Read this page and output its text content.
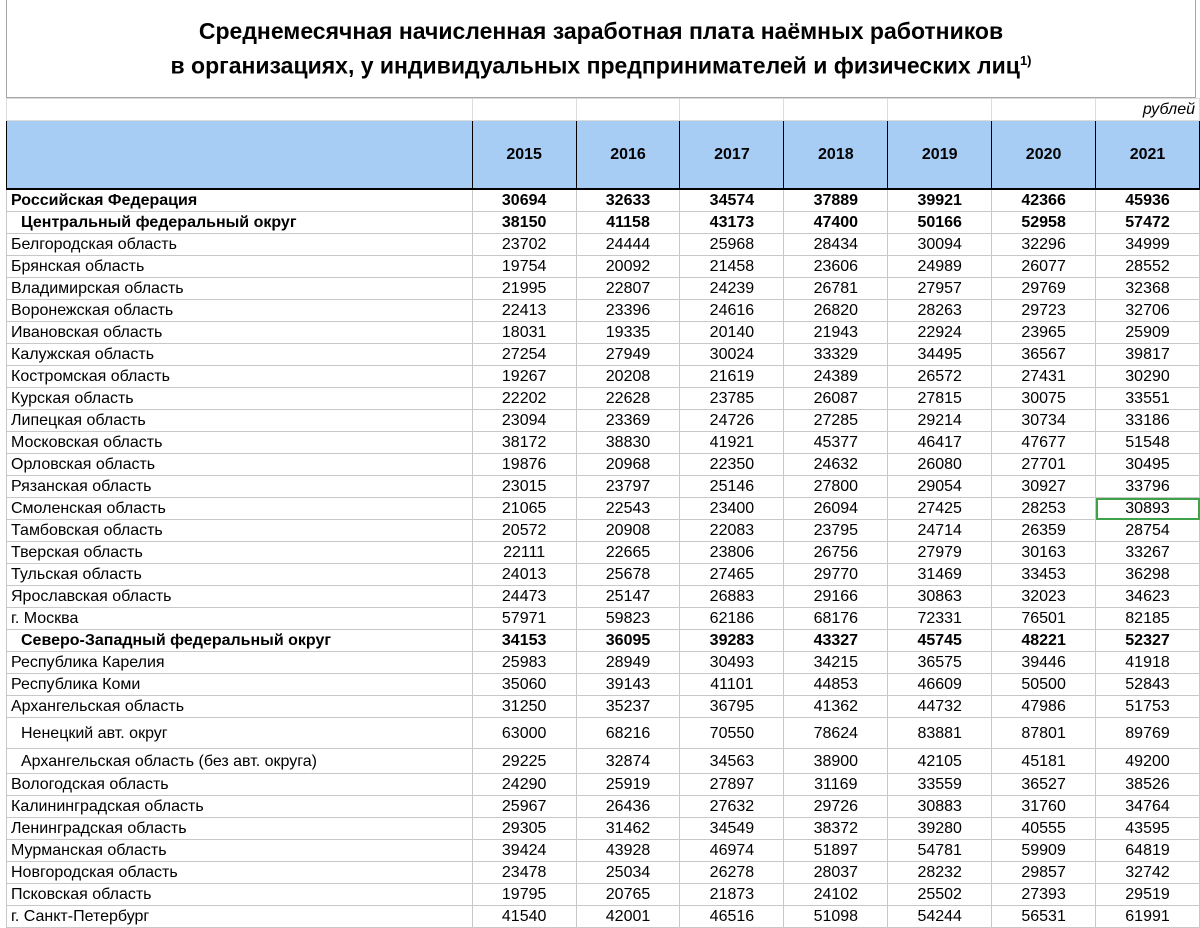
Среднемесячная начисленная заработная плата наёмных работников
в организациях, у индивидуальных предпринимателей и физических лиц$^{1)}$
							рублей
	2015	2016	2017	2018	2019	2020	2021
Российская Федерация	30694	32633	34574	37889	39921	42366	45936
Центральный федеральный округ	38150	41158	43173	47400	50166	52958	57472
Белгородская область	23702	24444	25968	28434	30094	32296	34999
Брянская область	19754	20092	21458	23606	24989	26077	28552
Владимирская область	21995	22807	24239	26781	27957	29769	32368
Воронежская область	22413	23396	24616	26820	28263	29723	32706
Ивановская область	18031	19335	20140	21943	22924	23965	25909
Калужская область	27254	27949	30024	33329	34495	36567	39817
Костромская область	19267	20208	21619	24389	26572	27431	30290
Курская область	22202	22628	23785	26087	27815	30075	33551
Липецкая область	23094	23369	24726	27285	29214	30734	33186
Московская область	38172	38830	41921	45377	46417	47677	51548
Орловская область	19876	20968	22350	24632	26080	27701	30495
Рязанская область	23015	23797	25146	27800	29054	30927	33796
Смоленская область	21065	22543	23400	26094	27425	28253	30893
Тамбовская область	20572	20908	22083	23795	24714	26359	28754
Тверская область	22111	22665	23806	26756	27979	30163	33267
Тульская область	24013	25678	27465	29770	31469	33453	36298
Ярославская область	24473	25147	26883	29166	30863	32023	34623
г. Москва	57971	59823	62186	68176	72331	76501	82185
Северо-Западный федеральный округ	34153	36095	39283	43327	45745	48221	52327
Республика Карелия	25983	28949	30493	34215	36575	39446	41918
Республика Коми	35060	39143	41101	44853	46609	50500	52843
Архангельская область	31250	35237	36795	41362	44732	47986	51753
Ненецкий авт. округ	63000	68216	70550	78624	83881	87801	89769
Архангельская область (без авт. округа)	29225	32874	34563	38900	42105	45181	49200
Вологодская область	24290	25919	27897	31169	33559	36527	38526
Калининградская область	25967	26436	27632	29726	30883	31760	34764
Ленинградская область	29305	31462	34549	38372	39280	40555	43595
Мурманская область	39424	43928	46974	51897	54781	59909	64819
Новгородская область	23478	25034	26278	28037	28232	29857	32742
Псковская область	19795	20765	21873	24102	25502	27393	29519
г. Санкт-Петербург	41540	42001	46516	51098	54244	56531	61991
